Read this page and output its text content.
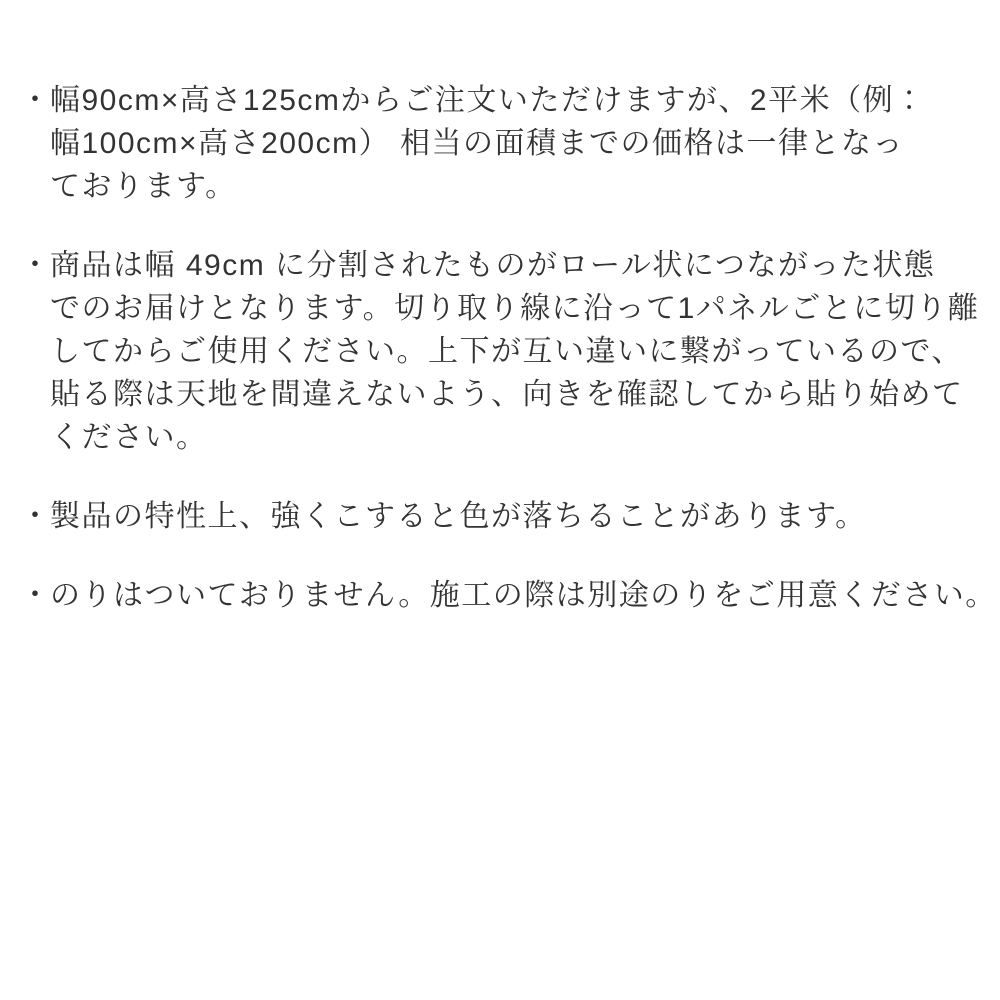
・
幅90cm×高さ125cmからご注文いただけますが、2平米（例：
幅100cm×高さ200cm） 相当の面積までの価格は一律となっ
ております。
・
商品は幅 49cm に分割されたものがロール状につながった状態
でのお届けとなります。切り取り線に沿って1パネルごとに切り離
してからご使用ください。上下が互い違いに繋がっているので、
貼る際は天地を間違えないよう、向きを確認してから貼り始めて
ください。
・
製品の特性上、強くこすると色が落ちることがあります。
・
のりはついておりません。施工の際は別途のりをご用意ください。
